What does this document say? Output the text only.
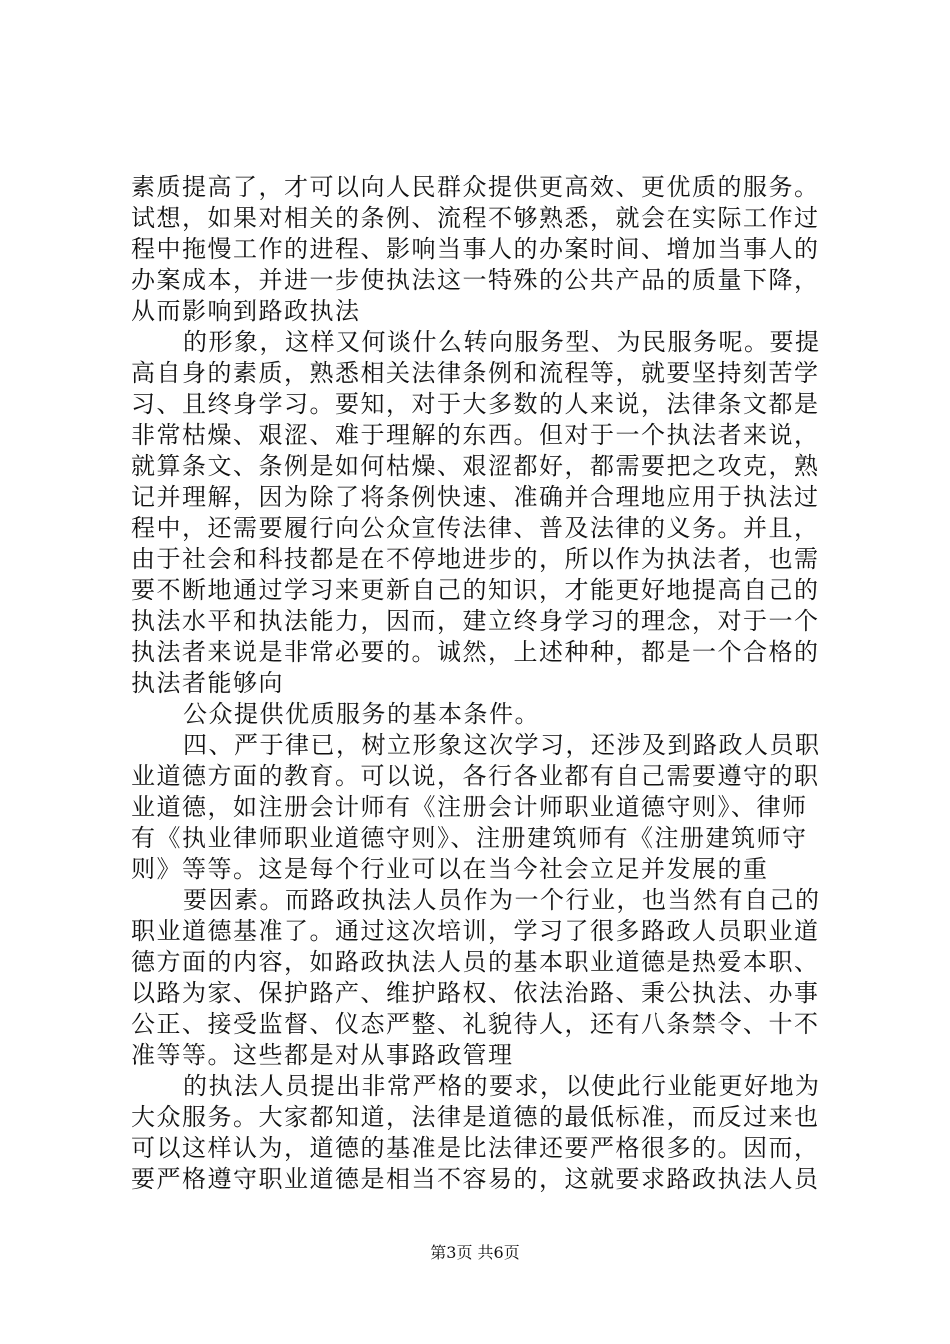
素质提高了，才可以向人民群众提供更高效、更优质的服务。
试想，如果对相关的条例、流程不够熟悉，就会在实际工作过
程中拖慢工作的进程、影响当事人的办案时间、增加当事人的
办案成本，并进一步使执法这一特殊的公共产品的质量下降，
从而影响到路政执法
的形象，这样又何谈什么转向服务型、为民服务呢。要提
高自身的素质，熟悉相关法律条例和流程等，就要坚持刻苦学
习、且终身学习。要知，对于大多数的人来说，法律条文都是
非常枯燥、艰涩、难于理解的东西。但对于一个执法者来说，
就算条文、条例是如何枯燥、艰涩都好，都需要把之攻克，熟
记并理解，因为除了将条例快速、准确并合理地应用于执法过
程中，还需要履行向公众宣传法律、普及法律的义务。并且，
由于社会和科技都是在不停地进步的，所以作为执法者，也需
要不断地通过学习来更新自己的知识，才能更好地提高自己的
执法水平和执法能力，因而，建立终身学习的理念，对于一个
执法者来说是非常必要的。诚然，上述种种，都是一个合格的
执法者能够向
公众提供优质服务的基本条件。
四、严于律已，树立形象这次学习，还涉及到路政人员职
业道德方面的教育。可以说，各行各业都有自己需要遵守的职
业道德，如注册会计师有《注册会计师职业道德守则》、律师
有《执业律师职业道德守则》、注册建筑师有《注册建筑师守
则》等等。这是每个行业可以在当今社会立足并发展的重
要因素。而路政执法人员作为一个行业，也当然有自己的
职业道德基准了。通过这次培训，学习了很多路政人员职业道
德方面的内容，如路政执法人员的基本职业道德是热爱本职、
以路为家、保护路产、维护路权、依法治路、秉公执法、办事
公正、接受监督、仪态严整、礼貌待人，还有八条禁令、十不
准等等。这些都是对从事路政管理
的执法人员提出非常严格的要求，以使此行业能更好地为
大众服务。大家都知道，法律是道德的最低标准，而反过来也
可以这样认为，道德的基准是比法律还要严格很多的。因而，
要严格遵守职业道德是相当不容易的，这就要求路政执法人员
第3页 共6页
